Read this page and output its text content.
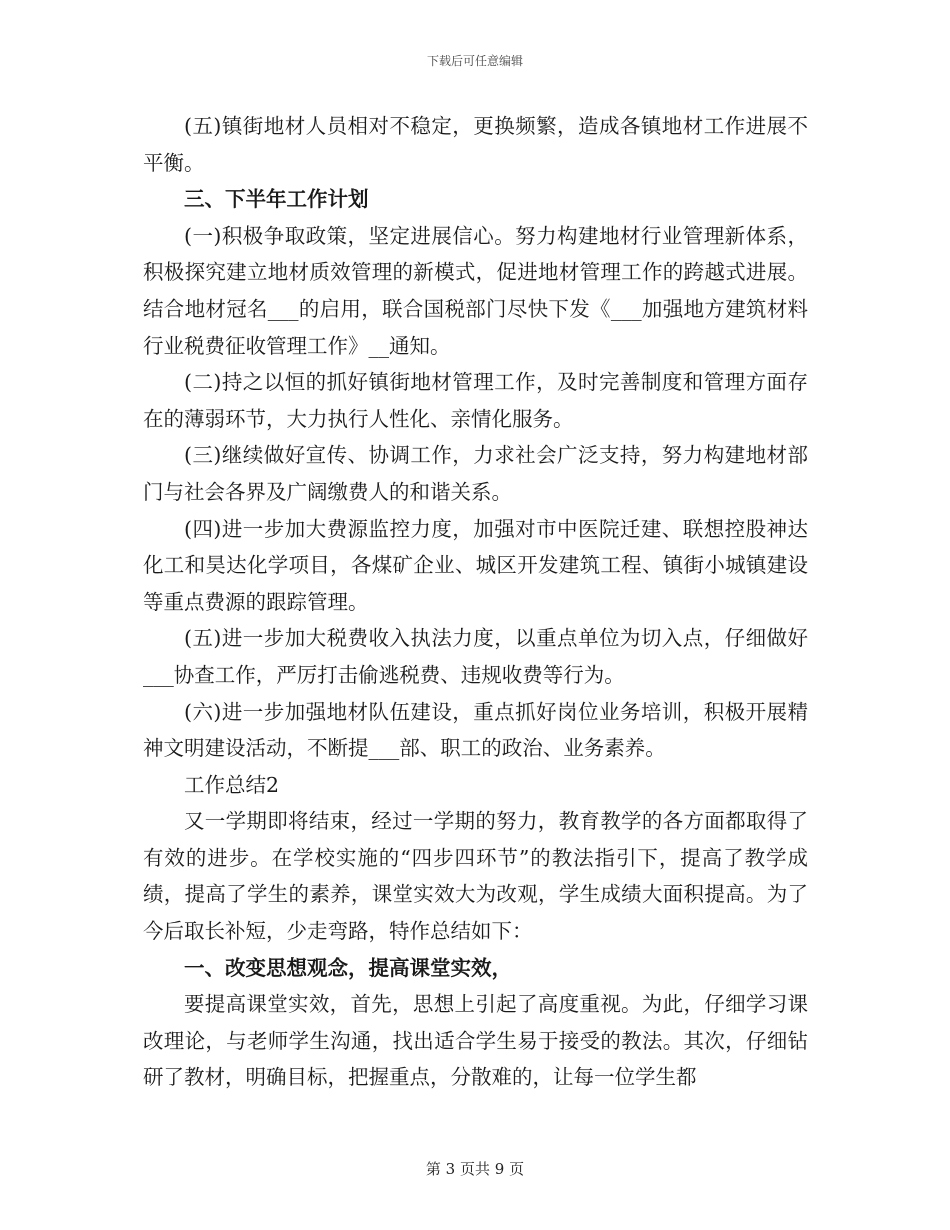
下载后可任意编辑

(五)镇街地材人员相对不稳定，更换频繁，造成各镇地材工作进展不平衡。

三、下半年工作计划

(一)积极争取政策，坚定进展信心。努力构建地材行业管理新体系，积极探究建立地材质效管理的新模式，促进地材管理工作的跨越式进展。结合地材冠名___的启用，联合国税部门尽快下发《___加强地方建筑材料行业税费征收管理工作》__通知。

(二)持之以恒的抓好镇街地材管理工作，及时完善制度和管理方面存在的薄弱环节，大力执行人性化、亲情化服务。

(三)继续做好宣传、协调工作，力求社会广泛支持，努力构建地材部门与社会各界及广阔缴费人的和谐关系。

(四)进一步加大费源监控力度，加强对市中医院迁建、联想控股神达化工和昊达化学项目，各煤矿企业、城区开发建筑工程、镇街小城镇建设等重点费源的跟踪管理。

(五)进一步加大税费收入执法力度，以重点单位为切入点，仔细做好___协查工作，严厉打击偷逃税费、违规收费等行为。

(六)进一步加强地材队伍建设，重点抓好岗位业务培训，积极开展精神文明建设活动，不断提___部、职工的政治、业务素养。

工作总结2

又一学期即将结束，经过一学期的努力，教育教学的各方面都取得了有效的进步。在学校实施的“四步四环节”的教法指引下，提高了教学成绩，提高了学生的素养，课堂实效大为改观，学生成绩大面积提高。为了今后取长补短，少走弯路，特作总结如下：

一、改变思想观念，提高课堂实效，

要提高课堂实效，首先，思想上引起了高度重视。为此，仔细学习课改理论，与老师学生沟通，找出适合学生易于接受的教法。其次，仔细钻研了教材，明确目标，把握重点，分散难的，让每一位学生都

第 3 页共 9 页
